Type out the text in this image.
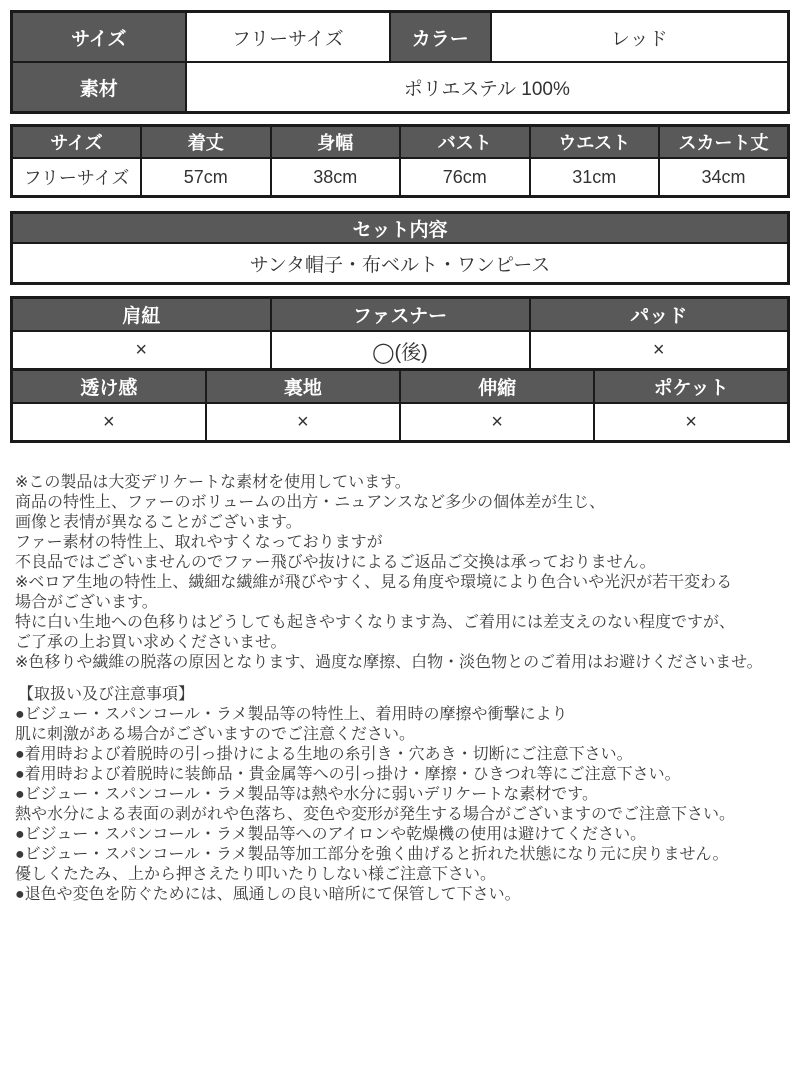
サイズ	フリーサイズ	カラー	レッド
素材	ポリエステル 100%		
サイズ	着丈	身幅	バスト	ウエスト	スカート丈
フリーサイズ	57cm	38cm	76cm	31cm	34cm
セット内容
サンタ帽子・布ベルト・ワンピース
肩紐	ファスナー	パッド
×	◯(後)	×
透け感	裏地	伸縮	ポケット
×	×	×	×
※この製品は大変デリケートな素材を使用しています。
商品の特性上、ファーのボリュームの出方・ニュアンスなど多少の個体差が生じ、
画像と表情が異なることがございます。
ファー素材の特性上、取れやすくなっておりますが
不良品ではございませんのでファー飛びや抜けによるご返品ご交換は承っておりません。
※ベロア生地の特性上、繊細な繊維が飛びやすく、見る角度や環境により色合いや光沢が若干変わる
場合がございます。
特に白い生地への色移りはどうしても起きやすくなります為、ご着用には差支えのない程度ですが、
ご了承の上お買い求めくださいませ。
※色移りや繊維の脱落の原因となります、過度な摩擦、白物・淡色物とのご着用はお避けくださいませ。
【取扱い及び注意事項】
●ビジュー・スパンコール・ラメ製品等の特性上、着用時の摩擦や衝撃により
肌に刺激がある場合がございますのでご注意ください。
●着用時および着脱時の引っ掛けによる生地の糸引き・穴あき・切断にご注意下さい。
●着用時および着脱時に装飾品・貴金属等への引っ掛け・摩擦・ひきつれ等にご注意下さい。
●ビジュー・スパンコール・ラメ製品等は熱や水分に弱いデリケートな素材です。
熱や水分による表面の剥がれや色落ち、変色や変形が発生する場合がございますのでご注意下さい。
●ビジュー・スパンコール・ラメ製品等へのアイロンや乾燥機の使用は避けてください。
●ビジュー・スパンコール・ラメ製品等加工部分を強く曲げると折れた状態になり元に戻りません。
優しくたたみ、上から押さえたり叩いたりしない様ご注意下さい。
●退色や変色を防ぐためには、風通しの良い暗所にて保管して下さい。
